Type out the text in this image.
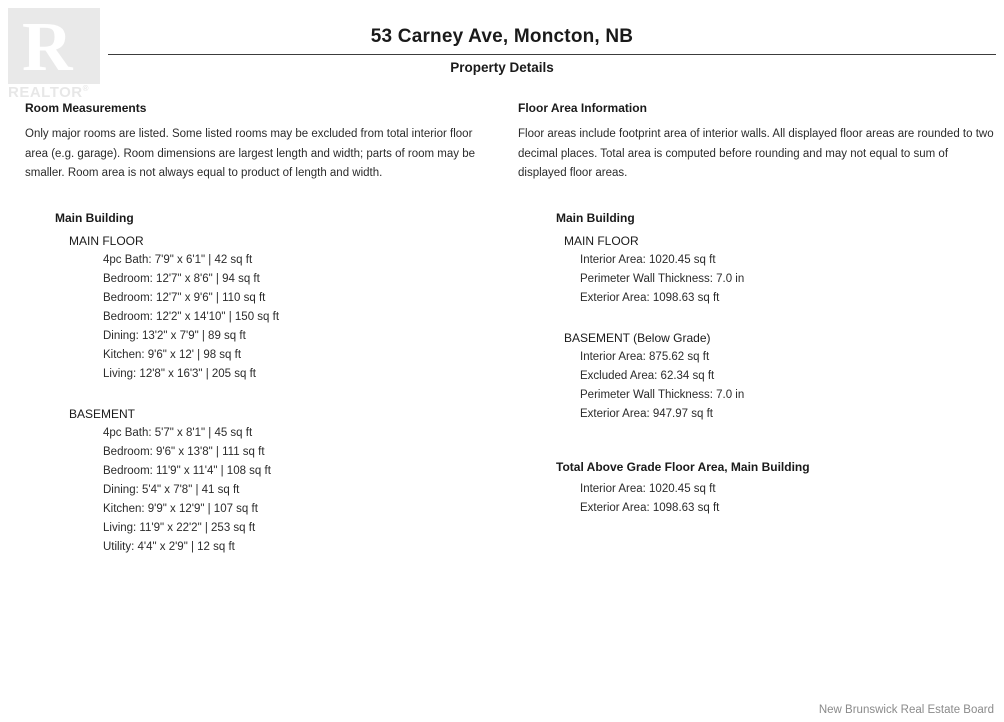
R
REALTOR®
53 Carney Ave, Moncton, NB
Property Details
Room Measurements

Only major rooms are listed. Some listed rooms may be excluded from total interior floor area (e.g. garage). Room dimensions are largest length and width; parts of room may be smaller. Room area is not always equal to product of length and width.

Main Building
MAIN FLOOR
4pc Bath: 7'9" x 6'1" | 42 sq ft
Bedroom: 12'7" x 8'6" | 94 sq ft
Bedroom: 12'7" x 9'6" | 110 sq ft
Bedroom: 12'2" x 14'10" | 150 sq ft
Dining: 13'2" x 7'9" | 89 sq ft
Kitchen: 9'6" x 12' | 98 sq ft
Living: 12'8" x 16'3" | 205 sq ft
BASEMENT
4pc Bath: 5'7" x 8'1" | 45 sq ft
Bedroom: 9'6" x 13'8" | 111 sq ft
Bedroom: 11'9" x 11'4" | 108 sq ft
Dining: 5'4" x 7'8" | 41 sq ft
Kitchen: 9'9" x 12'9" | 107 sq ft
Living: 11'9" x 22'2" | 253 sq ft
Utility: 4'4" x 2'9" | 12 sq ft
Floor Area Information

Floor areas include footprint area of interior walls. All displayed floor areas are rounded to two decimal places. Total area is computed before rounding and may not equal to sum of displayed floor areas.

Main Building
MAIN FLOOR
Interior Area: 1020.45 sq ft
Perimeter Wall Thickness: 7.0 in
Exterior Area: 1098.63 sq ft
BASEMENT (Below Grade)
Interior Area: 875.62 sq ft
Excluded Area: 62.34 sq ft
Perimeter Wall Thickness: 7.0 in
Exterior Area: 947.97 sq ft
Total Above Grade Floor Area, Main Building
Interior Area: 1020.45 sq ft
Exterior Area: 1098.63 sq ft
New Brunswick Real Estate Board
